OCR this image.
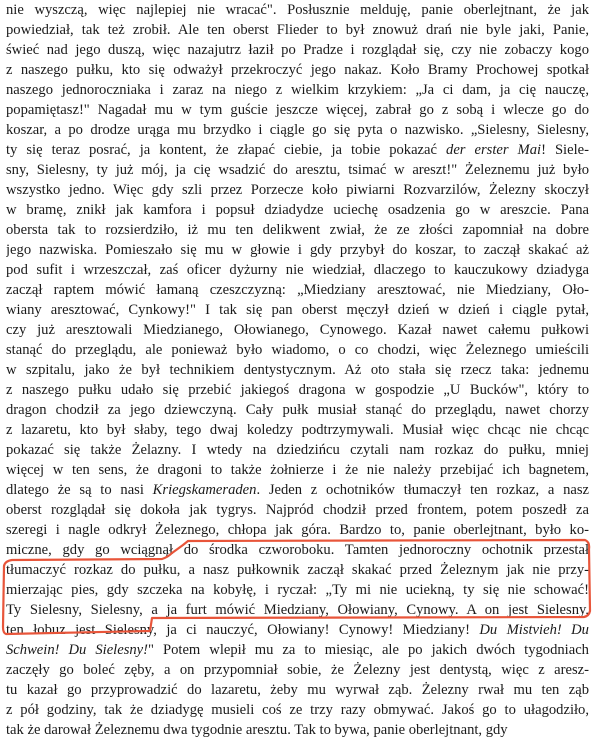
nie wyszczą, więc najlepiej nie wracać". Posłusznie melduję, panie oberlejtnant, że jak
powiedział, tak też zrobił. Ale ten oberst Flieder to był znowuż drań nie byle jaki, Panie,
świeć nad jego duszą, więc nazajutrz łaził po Pradze i rozglądał się, czy nie zobaczy kogo
z naszego pułku, kto się odważył przekroczyć jego nakaz. Koło Bramy Prochowej spotkał
naszego jednoroczniaka i zaraz na niego z wielkim krzykiem: „Ja ci dam, ja cię nauczę,
popamiętasz!" Nagadał mu w tym guście jeszcze więcej, zabrał go z sobą i wlecze go do
koszar, a po drodze urąga mu brzydko i ciągle go się pyta o nazwisko. „Sielesny, Sielesny,
ty się teraz posrać, ja kontent, że złapać ciebie, ja tobie pokazać der erster Mai! Siele-
sny, Sielesny, ty już mój, ja cię wsadzić do aresztu, tsimać w areszt!" Żeleznemu już było
wszystko jedno. Więc gdy szli przez Porzecze koło piwiarni Rozvarzilów, Żelezny skoczył
w bramę, znikł jak kamfora i popsuł dziadydze uciechę osadzenia go w areszcie. Pana
obersta tak to rozsierdziło, iż mu ten delikwent zwiał, że ze złości zapomniał na dobre
jego nazwiska. Pomieszało się mu w głowie i gdy przybył do koszar, to zaczął skakać aż
pod sufit i wrzeszczał, zaś oficer dyżurny nie wiedział, dlaczego to kauczukowy dziadyga
zaczął raptem mówić łamaną czeszczyzną: „Miedziany aresztować, nie Miedziany, Oło-
wiany aresztować, Cynkowy!" I tak się pan oberst męczył dzień w dzień i ciągle pytał,
czy już aresztowali Miedzianego, Ołowianego, Cynowego. Kazał nawet całemu pułkowi
stanąć do przeglądu, ale ponieważ było wiadomo, o co chodzi, więc Żeleznego umieścili
w szpitalu, jako że był technikiem dentystycznym. Aż oto stała się rzecz taka: jednemu
z naszego pułku udało się przebić jakiegoś dragona w gospodzie „U Bucków", który to
dragon chodził za jego dziewczyną. Cały pułk musiał stanąć do przeglądu, nawet chorzy
z lazaretu, kto był słaby, tego dwaj koledzy podtrzymywali. Musiał więc chcąc nie chcąc
pokazać się także Żelazny. I wtedy na dziedzińcu czytali nam rozkaz do pułku, mniej
więcej w ten sens, że dragoni to także żołnierze i że nie należy przebijać ich bagnetem,
dlatego że są to nasi Kriegskameraden. Jeden z ochotników tłumaczył ten rozkaz, a nasz
oberst rozglądał się dokoła jak tygrys. Najpród chodził przed frontem, potem poszedł za
szeregi i nagle odkrył Żeleznego, chłopa jak góra. Bardzo to, panie oberlejtnant, było ko-
miczne, gdy go wciągnął do środka czworoboku. Tamten jednoroczny ochotnik przestał
tłumaczyć rozkaz do pułku, a nasz pułkownik zaczął skakać przed Żeleznym jak nie przy-
mierzając pies, gdy szczeka na kobyłę, i ryczał: „Ty mi nie uciekną, ty się nie schować!
Ty Sielesny, Sielesny, a ja furt mówić Miedziany, Ołowiany, Cynowy. A on jest Sielesny,
ten łobuz jest Sielesny, ja ci nauczyć, Ołowiany! Cynowy! Miedziany! Du Mistvieh! Du
Schwein! Du Sielesny!" Potem wlepił mu za to miesiąc, ale po jakich dwóch tygodniach
zaczęły go boleć zęby, a on przypomniał sobie, że Żelezny jest dentystą, więc z aresz-
tu kazał go przyprowadzić do lazaretu, żeby mu wyrwał ząb. Żelezny rwał mu ten ząb
z pół godziny, tak że dziadygę musieli coś ze trzy razy obmywać. Jakoś go to ułagodziło,
tak że darował Żeleznemu dwa tygodnie aresztu. Tak to bywa, panie oberlejtnant, gdy
